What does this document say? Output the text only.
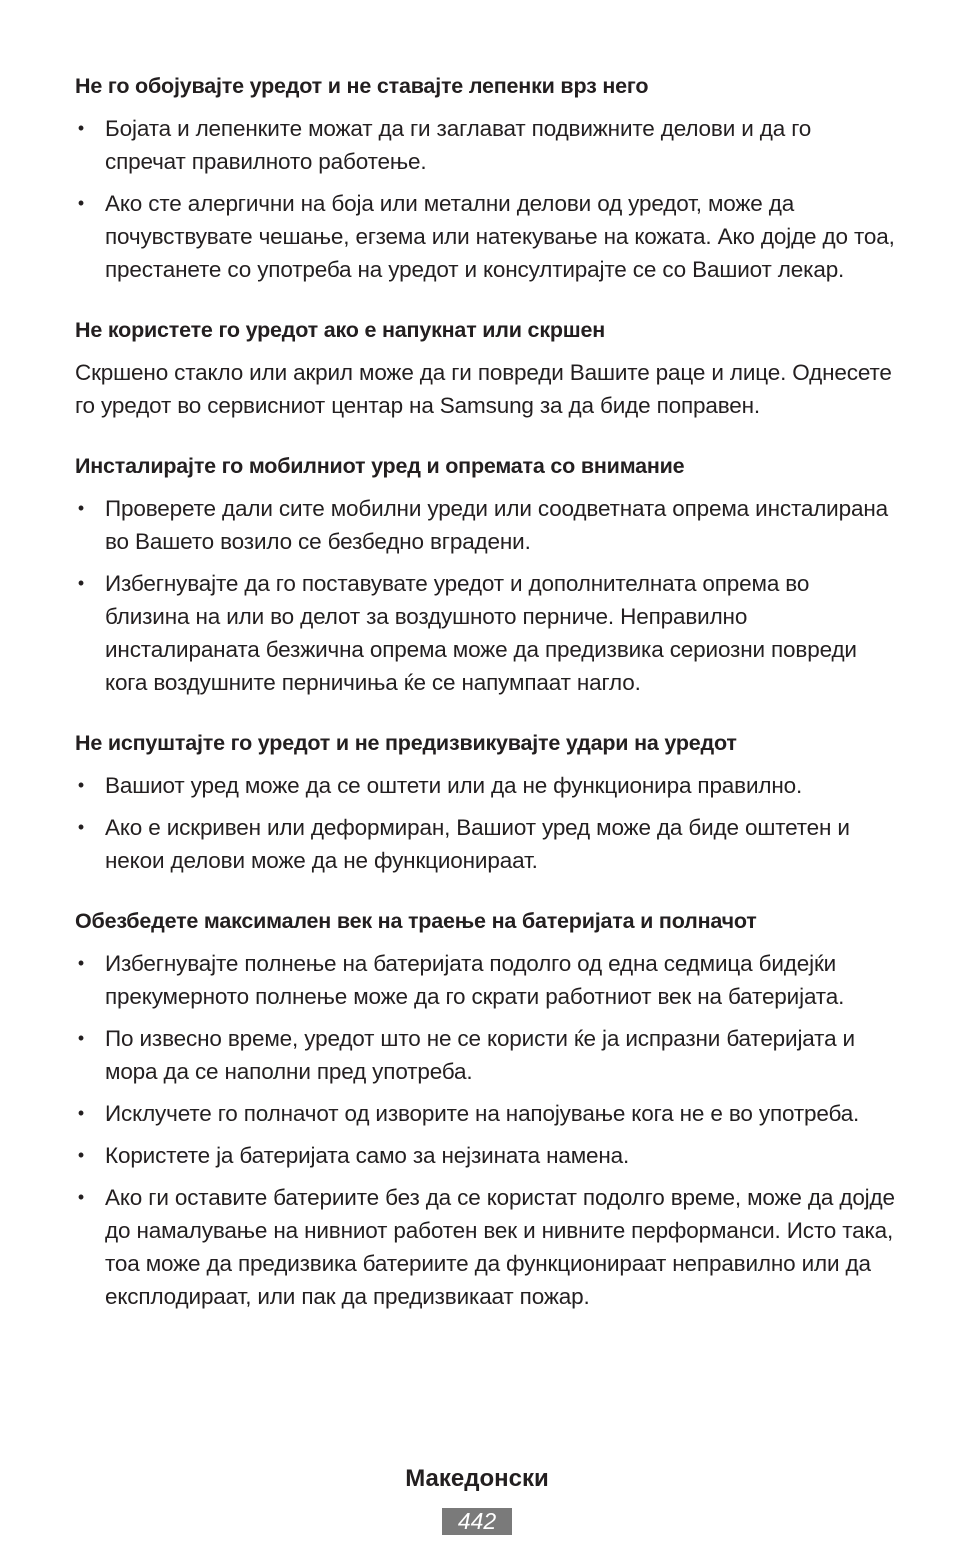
Не го обојувајте уредот и не ставајте лепенки врз него
• Бојата и лепенките можат да ги заглават подвижните делови и да го спречат правилното работење.
• Ако сте алергични на боја или метални делови од уредот, може да почувствувате чешање, егзема или натекување на кожата. Ако дојде до тоа, престанете со употреба на уредот и консултирајте се со Вашиот лекар.
Не користете го уредот ако е напукнат или скршен

Скршено стакло или акрил може да ги повреди Вашите раце и лице. Однесете го уредот во сервисниот центар на Samsung за да биде поправен.

Инсталирајте го мобилниот уред и опремата со внимание
• Проверете дали сите мобилни уреди или соодветната опрема инсталирана во Вашето возило се безбедно вградени.
• Избегнувајте да го поставувате уредот и дополнителната опрема во близина на или во делот за воздушното перниче. Неправилно инсталираната безжична опрема може да предизвика сериозни повреди кога воздушните перничиња ќе се напумпаат нагло.
Не испуштајте го уредот и не предизвикувајте удари на уредот
• Вашиот уред може да се оштети или да не функционира правилно.
• Ако е искривен или деформиран, Вашиот уред може да биде оштетен и некои делови може да не функционираат.
Обезбедете максимален век на траење на батеријата и полначот
• Избегнувајте полнење на батеријата подолго од една седмица бидејќи прекумерното полнење може да го скрати работниот век на батеријата.
• По извесно време, уредот што не се користи ќе ја испразни батеријата и мора да се наполни пред употреба.
• Исклучете го полначот од изворите на напојување кога не е во употреба.
• Користете ја батеријата само за нејзината намена.
• Ако ги оставите батериите без да се користат подолго време, може да дојде до намалување на нивниот работен век и нивните перформанси. Исто така, тоа може да предизвика батериите да функционираат неправилно или да експлодираат, или пак да предизвикаат пожар.
Македонски
442
